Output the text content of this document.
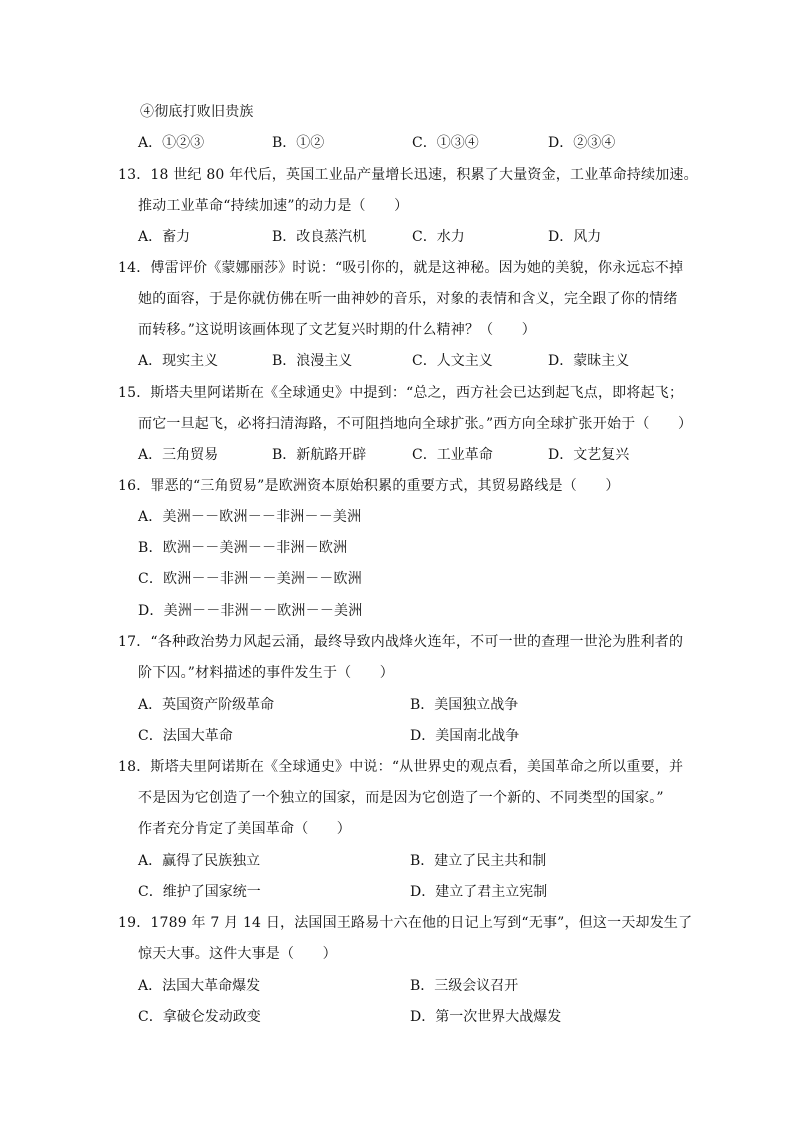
④彻底打败旧贵族
A．①②③	B．①②	C．①③④	D．②③④
13．18 世纪 80 年代后，英国工业品产量增长迅速，积累了大量资金，工业革命持续加速。
推动工业革命“持续加速”的动力是（　　）
A．畜力	B．改良蒸汽机	C．水力	D．风力
14．傅雷评价《蒙娜丽莎》时说：“吸引你的，就是这神秘。因为她的美貌，你永远忘不掉
她的面容，于是你就仿佛在听一曲神妙的音乐，对象的表情和含义，完全跟了你的情绪
而转移。”这说明该画体现了文艺复兴时期的什么精神？（　　）
A．现实主义	B．浪漫主义	C．人文主义	D．蒙昧主义
15．斯塔夫里阿诺斯在《全球通史》中提到：“总之，西方社会已达到起飞点，即将起飞；
而它一旦起飞，必将扫清海路，不可阻挡地向全球扩张。”西方向全球扩张开始于（　　）
A．三角贸易	B．新航路开辟	C．工业革命	D．文艺复兴
16．罪恶的“三角贸易”是欧洲资本原始积累的重要方式，其贸易路线是（　　）
A．美洲－－欧洲－－非洲－－美洲
B．欧洲－－美洲－－非洲－欧洲
C．欧洲－－非洲－－美洲－－欧洲
D．美洲－－非洲－－欧洲－－美洲
17．“各种政治势力风起云涌，最终导致内战烽火连年，不可一世的查理一世沦为胜利者的
阶下囚。”材料描述的事件发生于（　　）
A．英国资产阶级革命	B．美国独立战争
C．法国大革命	D．美国南北战争
18．斯塔夫里阿诺斯在《全球通史》中说：“从世界史的观点看，美国革命之所以重要，并
不是因为它创造了一个独立的国家，而是因为它创造了一个新的、不同类型的国家。”
作者充分肯定了美国革命（　　）
A．赢得了民族独立	B．建立了民主共和制
C．维护了国家统一	D．建立了君主立宪制
19．1789 年 7 月 14 日，法国国王路易十六在他的日记上写到“无事”，但这一天却发生了
惊天大事。这件大事是（　　）
A．法国大革命爆发	B．三级会议召开
C．拿破仑发动政变	D．第一次世界大战爆发
